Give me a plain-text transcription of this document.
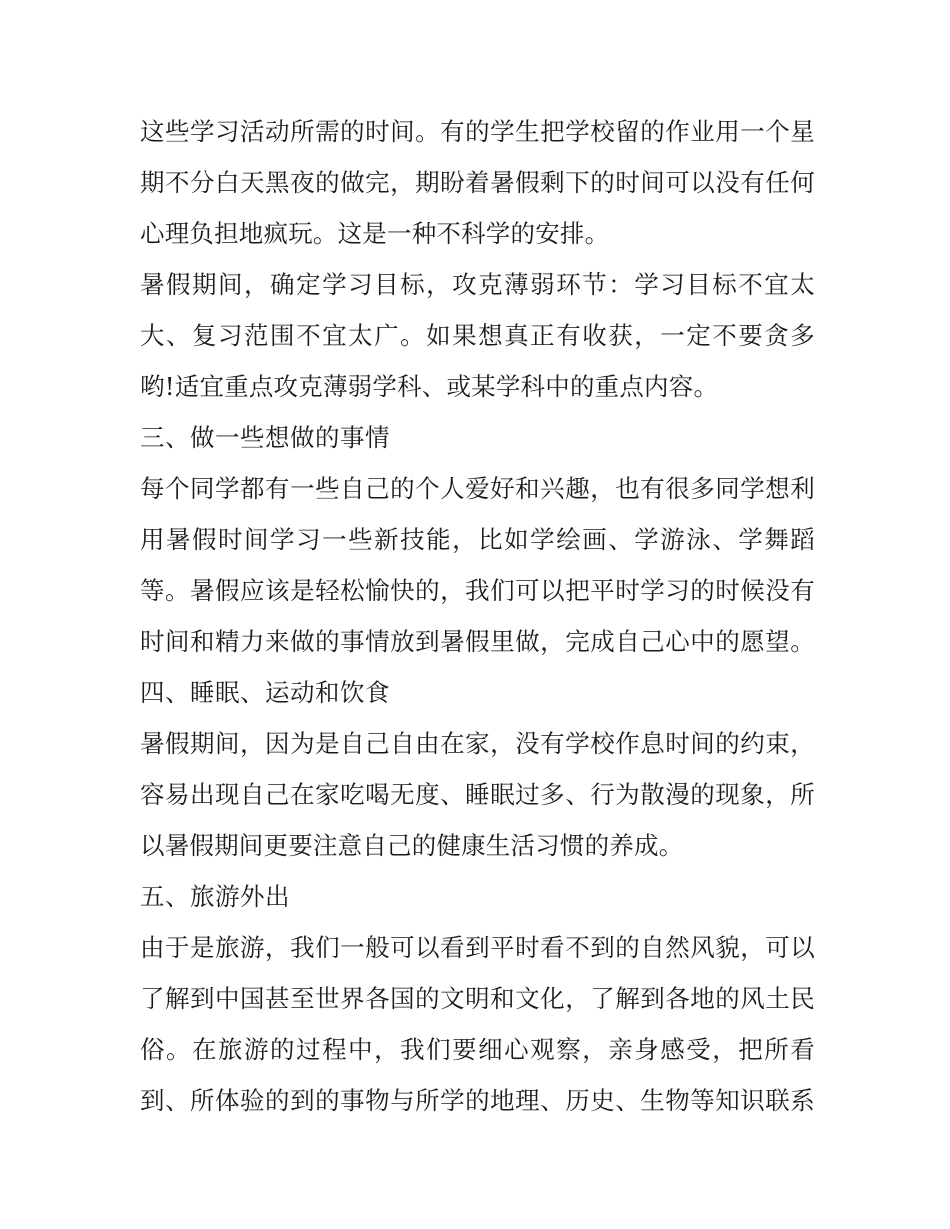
这些学习活动所需的时间。有的学生把学校留的作业用一个星
期不分白天黑夜的做完，期盼着暑假剩下的时间可以没有任何
心理负担地疯玩。这是一种不科学的安排。
暑假期间，确定学习目标，攻克薄弱环节：学习目标不宜太
大、复习范围不宜太广。如果想真正有收获，一定不要贪多
哟!适宜重点攻克薄弱学科、或某学科中的重点内容。
三、做一些想做的事情
每个同学都有一些自己的个人爱好和兴趣，也有很多同学想利
用暑假时间学习一些新技能，比如学绘画、学游泳、学舞蹈
等。暑假应该是轻松愉快的，我们可以把平时学习的时候没有
时间和精力来做的事情放到暑假里做，完成自己心中的愿望。
四、睡眠、运动和饮食
暑假期间，因为是自己自由在家，没有学校作息时间的约束，
容易出现自己在家吃喝无度、睡眠过多、行为散漫的现象，所
以暑假期间更要注意自己的健康生活习惯的养成。
五、旅游外出
由于是旅游，我们一般可以看到平时看不到的自然风貌，可以
了解到中国甚至世界各国的文明和文化，了解到各地的风土民
俗。在旅游的过程中，我们要细心观察，亲身感受，把所看
到、所体验的到的事物与所学的地理、历史、生物等知识联系
